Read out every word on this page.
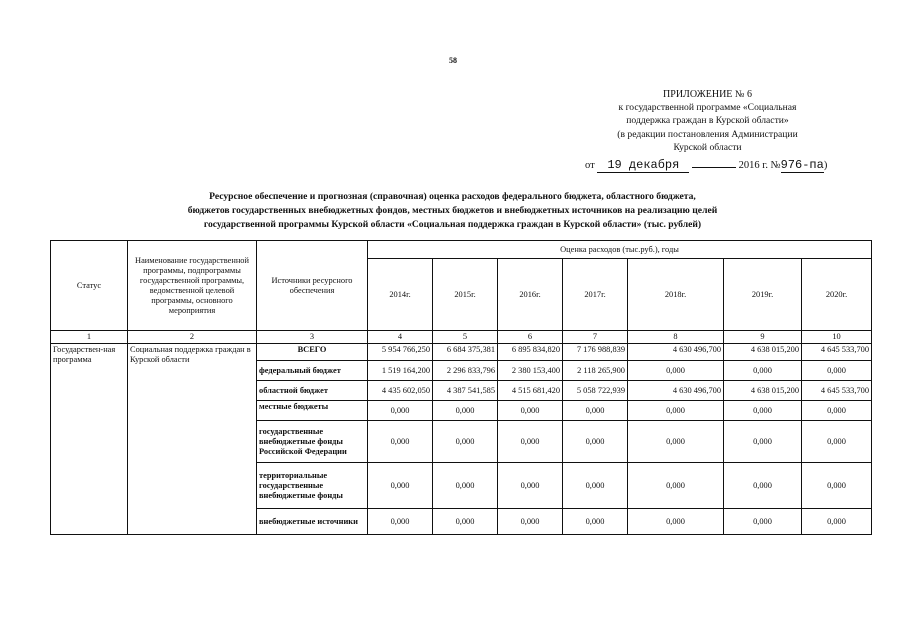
58
ПРИЛОЖЕНИЕ № 6
к государственной программе «Социальная
поддержка граждан в Курской области»
(в редакции постановления Администрации
Курской области
от 19 декабря	2016 г. №976-па)
Ресурсное обеспечение и прогнозная (справочная) оценка расходов федерального бюджета, областного бюджета,
бюджетов государственных внебюджетных фондов, местных бюджетов и внебюджетных источников на реализацию целей
государственной программы Курской области «Социальная поддержка граждан в Курской области» (тыс. рублей)
Статус	Наименование государственной программы, подпрограммы государственной программы, ведомственной целевой программы, основного мероприятия	Источники ресурсного обеспечения	Оценка расходов (тыс.руб.), годы						
			2014г.	2015г.	2016г.	2017г.	2018г.	2019г.	2020г.
1	2	3	4	5	6	7	8	9	10
Государствен-ная программа	Социальная поддержка граждан в Курской области	ВСЕГО	5 954 766,250	6 684 375,381	6 895 834,820	7 176 988,839	4 630 496,700	4 638 015,200	4 645 533,700
		федеральный бюджет	1 519 164,200	2 296 833,796	2 380 153,400	2 118 265,900	0,000	0,000	0,000
		областной бюджет	4 435 602,050	4 387 541,585	4 515 681,420	5 058 722,939	4 630 496,700	4 638 015,200	4 645 533,700
		местные бюджеты	0,000	0,000	0,000	0,000	0,000	0,000	0,000
		государственные внебюджетные фонды Российской Федерации	0,000	0,000	0,000	0,000	0,000	0,000	0,000
		территориальные государственные внебюджетные фонды	0,000	0,000	0,000	0,000	0,000	0,000	0,000
		внебюджетные источники	0,000	0,000	0,000	0,000	0,000	0,000	0,000
